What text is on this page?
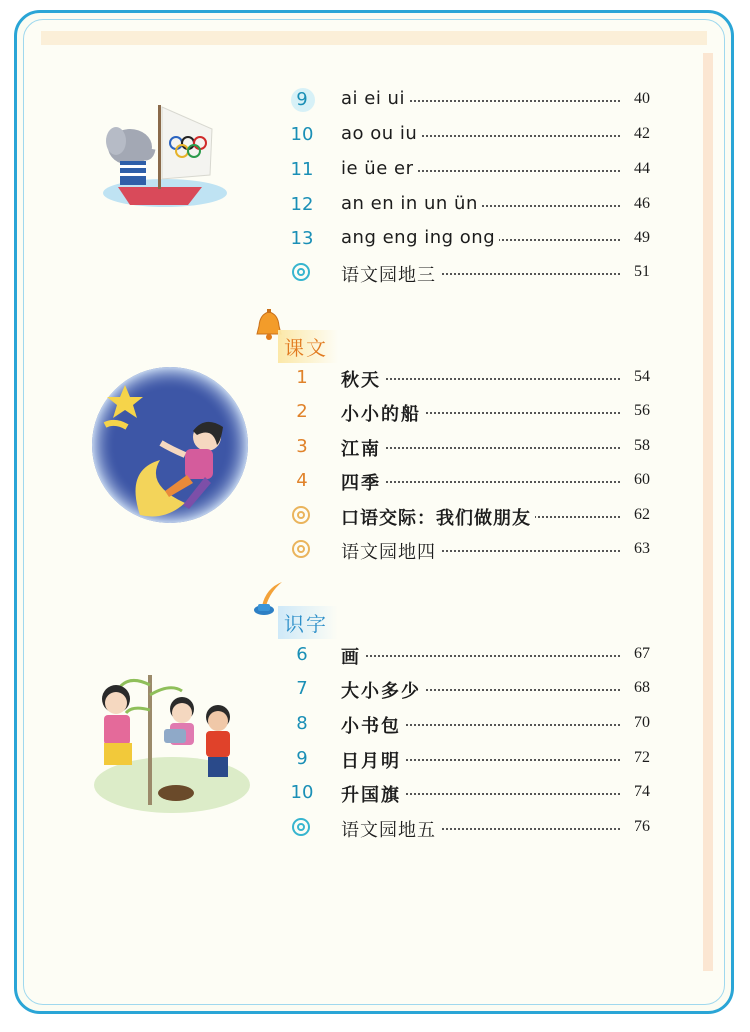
9	ai ei ui	40
10	ao ou iu	42
11	ie üe er	44
12	an en in un ün	46
13	ang eng ing ong	49
语文园地三	51
课文
1	秋天	54
2	小小的船	56
3	江南	58
4	四季	60
口语交际：我们做朋友	62
语文园地四	63
识字
6	画	67
7	大小多少	68
8	小书包	70
9	日月明	72
10	升国旗	74
语文园地五	76
